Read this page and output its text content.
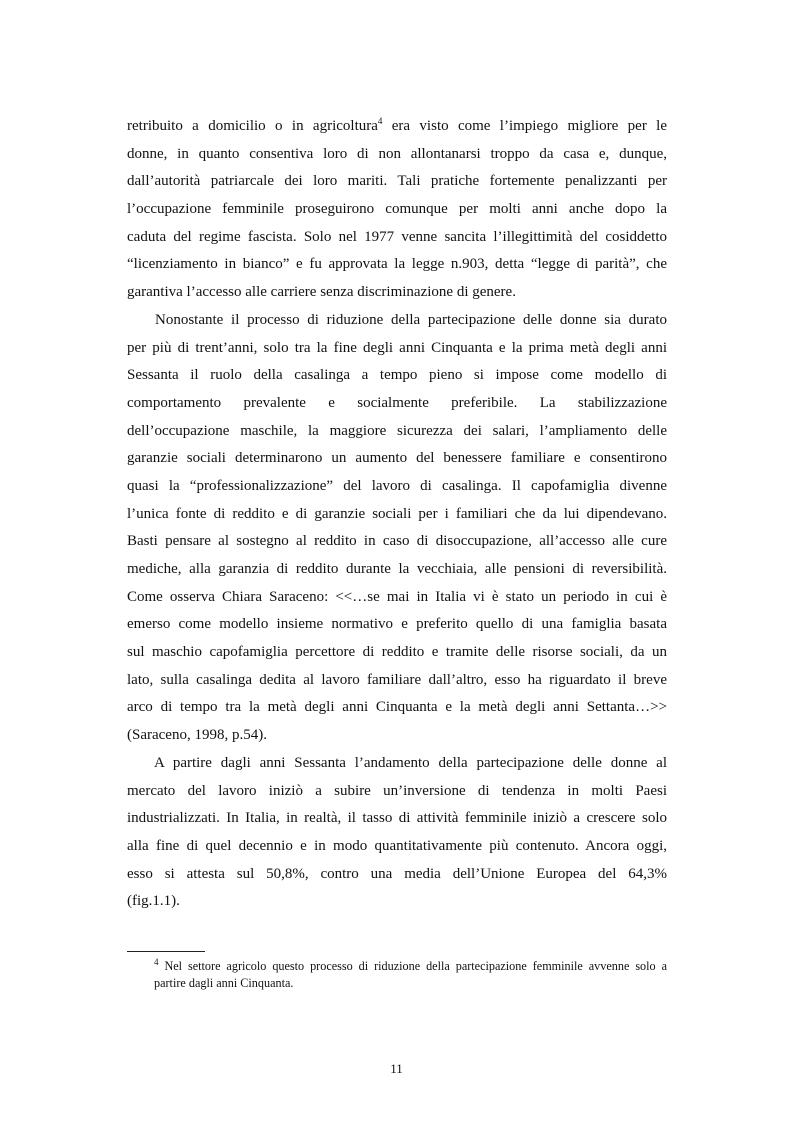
retribuito a domicilio o in agricoltura$^4$ era visto come l’impiego migliore per le
donne, in quanto consentiva loro di non allontanarsi troppo da casa e, dunque,
dall’autorità patriarcale dei loro mariti. Tali pratiche fortemente penalizzanti per
l’occupazione femminile proseguirono comunque per molti anni anche dopo la
caduta del regime fascista. Solo nel 1977 venne sancita l’illegittimità del cosiddetto
“licenziamento in bianco” e fu approvata la legge n.903, detta “legge di parità”, che
garantiva l’accesso alle carriere senza discriminazione di genere.
Nonostante il processo di riduzione della partecipazione delle donne sia durato
per più di trent’anni, solo tra la fine degli anni Cinquanta e la prima metà degli anni
Sessanta il ruolo della casalinga a tempo pieno si impose come modello di
comportamento prevalente e socialmente preferibile. La stabilizzazione
dell’occupazione maschile, la maggiore sicurezza dei salari, l’ampliamento delle
garanzie sociali determinarono un aumento del benessere familiare e consentirono
quasi la “professionalizzazione” del lavoro di casalinga. Il capofamiglia divenne
l’unica fonte di reddito e di garanzie sociali per i familiari che da lui dipendevano.
Basti pensare al sostegno al reddito in caso di disoccupazione, all’accesso alle cure
mediche, alla garanzia di reddito durante la vecchiaia, alle pensioni di reversibilità.
Come osserva Chiara Saraceno: <<…se mai in Italia vi è stato un periodo in cui è
emerso come modello insieme normativo e preferito quello di una famiglia basata
sul maschio capofamiglia percettore di reddito e tramite delle risorse sociali, da un
lato, sulla casalinga dedita al lavoro familiare dall’altro, esso ha riguardato il breve
arco di tempo tra la metà degli anni Cinquanta e la metà degli anni Settanta…>>
(Saraceno, 1998, p.54).
A partire dagli anni Sessanta l’andamento della partecipazione delle donne al
mercato del lavoro iniziò a subire un’inversione di tendenza in molti Paesi
industrializzati. In Italia, in realtà, il tasso di attività femminile iniziò a crescere solo
alla fine di quel decennio e in modo quantitativamente più contenuto. Ancora oggi,
esso si attesta sul 50,8%, contro una media dell’Unione Europea del 64,3%
(fig.1.1).
$^4$ Nel settore agricolo questo processo di riduzione della partecipazione femminile avvenne solo a
partire dagli anni Cinquanta.
11
